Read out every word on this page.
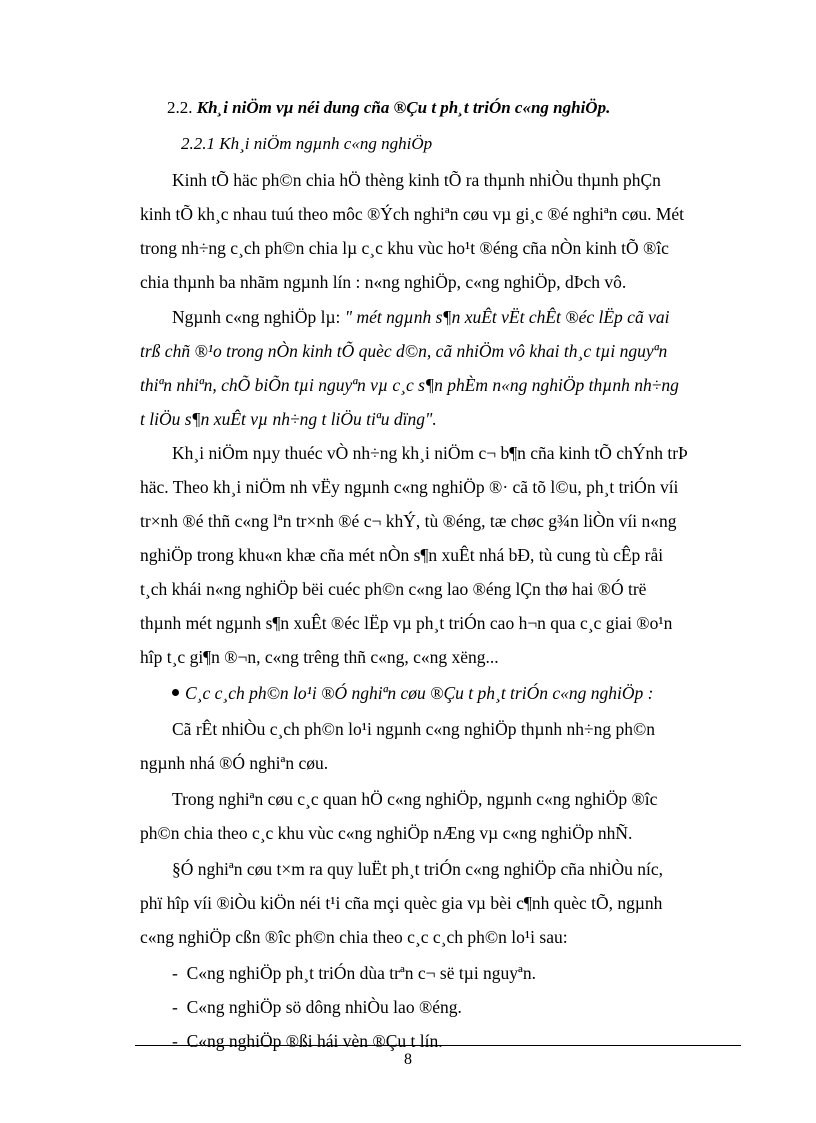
2.2. Kh¸i niÖm vµ néi dung cña ®Çu t ph¸t triÓn c«ng nghiÖp.
2.2.1 Kh¸i niÖm ngµnh c«ng nghiÖp
Kinh tÕ häc ph©n chia hÖ thèng kinh tÕ ra thµnh nhiÒu thµnh phÇn
kinh tÕ kh¸c nhau tuú theo môc ®Ých nghiªn cøu vµ gi¸c ®é nghiªn cøu. Mét
trong nh÷ng c¸ch ph©n chia lµ c¸c khu vùc ho¹t ®éng cña nÒn kinh tÕ ®îc
chia thµnh ba nhãm ngµnh lín : n«ng nghiÖp, c«ng nghiÖp, dÞch vô.
Ngµnh c«ng nghiÖp lµ: " mét ngµnh s¶n xuÊt vËt chÊt ®éc lËp cã vai
trß chñ ®¹o trong nÒn kinh tÕ quèc d©n, cã nhiÖm vô khai th¸c tµi nguyªn
thiªn nhiªn, chÕ biÕn tµi nguyªn vµ c¸c s¶n phÈm n«ng nghiÖp thµnh nh÷ng
t liÖu s¶n xuÊt vµ nh÷ng t liÖu tiªu dïng".
Kh¸i niÖm nµy thuéc vÒ nh÷ng kh¸i niÖm c¬ b¶n cña kinh tÕ chÝnh trÞ
häc. Theo kh¸i niÖm nh vËy ngµnh c«ng nghiÖp ®· cã tõ l©u, ph¸t triÓn víi
tr×nh ®é thñ c«ng lªn tr×nh ®é c¬ khÝ, tù ®éng, tæ chøc g¾n liÒn víi n«ng
nghiÖp trong khu«n khæ cña mét nÒn s¶n xuÊt nhá bÐ, tù cung tù cÊp råi
t¸ch khái n«ng nghiÖp bëi cuéc ph©n c«ng lao ®éng lÇn thø hai ®Ó trë
thµnh mét ngµnh s¶n xuÊt ®éc lËp vµ ph¸t triÓn cao h¬n qua c¸c giai ®o¹n
hîp t¸c gi¶n ®¬n, c«ng trêng thñ c«ng, c«ng xëng...
C¸c c¸ch ph©n lo¹i ®Ó nghiªn cøu ®Çu t ph¸t triÓn c«ng nghiÖp :
Cã rÊt nhiÒu c¸ch ph©n lo¹i ngµnh c«ng nghiÖp thµnh nh÷ng ph©n
ngµnh nhá ®Ó nghiªn cøu.
Trong nghiªn cøu c¸c quan hÖ c«ng nghiÖp, ngµnh c«ng nghiÖp ®îc
ph©n chia theo c¸c khu vùc c«ng nghiÖp nÆng vµ c«ng nghiÖp nhÑ.
§Ó nghiªn cøu t×m ra quy luËt ph¸t triÓn c«ng nghiÖp cña nhiÒu níc,
phï hîp víi ®iÒu kiÖn néi t¹i cña mçi quèc gia vµ bèi c¶nh quèc tÕ, ngµnh
c«ng nghiÖp cßn ®îc ph©n chia theo c¸c c¸ch ph©n lo¹i sau:
- C«ng nghiÖp ph¸t triÓn dùa trªn c¬ së tµi nguyªn.
- C«ng nghiÖp sö dông nhiÒu lao ®éng.
- C«ng nghiÖp ®ßi hái vèn ®Çu t lín.
8
